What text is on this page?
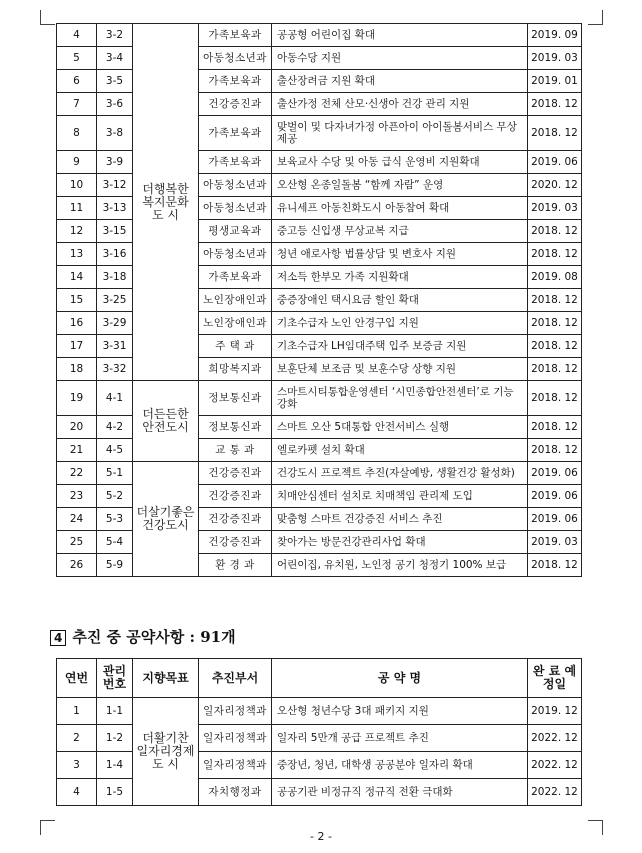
4	3-2	더행복한 복지문화 도 시	가족보육과	공공형 어린이집 확대	2019. 09
5	3-4		아동청소년과	아동수당 지원	2019. 03
6	3-5		가족보육과	출산장려금 지원 확대	2019. 01
7	3-6		건강증진과	출산가정 전체 산모·신생아 건강 관리 지원	2018. 12
8	3-8		가족보육과	맞벌이 및 다자녀가정 아픈아이 아이돌봄서비스 무상제공	2018. 12
9	3-9		가족보육과	보육교사 수당 및 아동 급식 운영비 지원확대	2019. 06
10	3-12		아동청소년과	오산형 온종일돌봄 “함께 자람” 운영	2020. 12
11	3-13		아동청소년과	유니세프 아동친화도시 아동참여 확대	2019. 03
12	3-15		평생교육과	중고등 신입생 무상교복 지급	2018. 12
13	3-16		아동청소년과	청년 애로사항 법률상담 및 변호사 지원	2018. 12
14	3-18		가족보육과	저소득 한부모 가족 지원확대	2019. 08
15	3-25		노인장애인과	중증장애인 택시요금 할인 확대	2018. 12
16	3-29		노인장애인과	기초수급자 노인 안경구입 지원	2018. 12
17	3-31		주 택 과	기초수급자 LH임대주택 입주 보증금 지원	2018. 12
18	3-32		희망복지과	보훈단체 보조금 및 보훈수당 상향 지원	2018. 12
19	4-1	더든든한 안전도시	정보통신과	스마트시티통합운영센터 ‘시민종합안전센터’로 기능 강화	2018. 12
20	4-2		정보통신과	스마트 오산 5대통합 안전서비스 실행	2018. 12
21	4-5		교 통 과	엘로카펫 설치 확대	2018. 12
22	5-1	더살기좋은 건강도시	건강증진과	건강도시 프로젝트 추진(자살예방, 생활건강 활성화)	2019. 06
23	5-2		건강증진과	치매안심센터 설치로 치매책임 관리제 도입	2019. 06
24	5-3		건강증진과	맞춤형 스마트 건강증진 서비스 추진	2019. 06
25	5-4		건강증진과	찾아가는 방문건강관리사업 확대	2019. 03
26	5-9		환 경 과	어린이집, 유치원, 노인정 공기 청정기 100% 보급	2018. 12
4 추진 중 공약사항 : 91개
연번	관리 번호	지향목표	추진부서	공 약 명	완 료 예정일
1	1-1	더활기찬 일자리경제 도 시	일자리정책과	오산형 청년수당 3대 패키지 지원	2019. 12
2	1-2		일자리정책과	일자리 5만개 공급 프로젝트 추진	2022. 12
3	1-4		일자리정책과	중장년, 청년, 대학생 공공분야 일자리 확대	2022. 12
4	1-5		자치행정과	공공기관 비정규직 정규직 전환 극대화	2022. 12
- 2 -
